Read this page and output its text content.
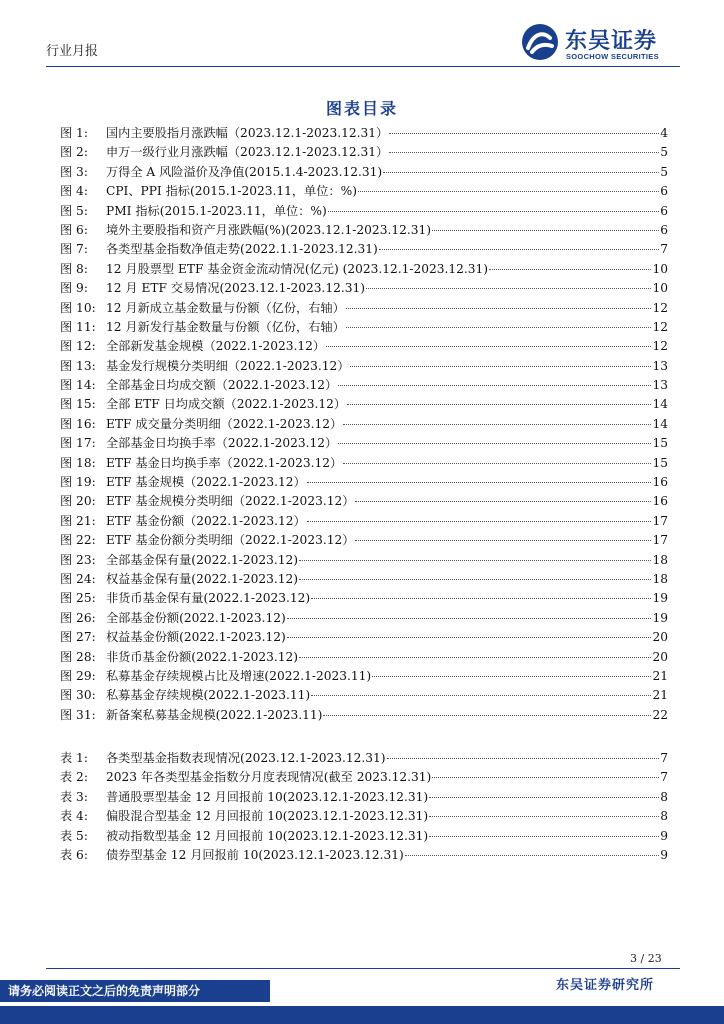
行业月报	东吴证券
SOOCHOW SECURITIES
图表目录
图 1:	国内主要股指月涨跌幅（2023.12.1-2023.12.31）	4
图 2:	申万一级行业月涨跌幅（2023.12.1-2023.12.31）	5
图 3:	万得全 A 风险溢价及净值(2015.1.4-2023.12.31)	5
图 4:	CPI、PPI 指标(2015.1-2023.11，单位：%)	6
图 5:	PMI 指标(2015.1-2023.11，单位：%)	6
图 6:	境外主要股指和资产月涨跌幅(%)(2023.12.1-2023.12.31)	6
图 7:	各类型基金指数净值走势(2022.1.1-2023.12.31)	7
图 8:	12 月股票型 ETF 基金资金流动情况(亿元) (2023.12.1-2023.12.31)	10
图 9:	12 月 ETF 交易情况(2023.12.1-2023.12.31)	10
图 10: 12 月新成立基金数量与份额（亿份，右轴）	12
图 11: 12 月新发行基金数量与份额（亿份，右轴）	12
图 12: 全部新发基金规模（2022.1-2023.12）	12
图 13: 基金发行规模分类明细（2022.1-2023.12）	13
图 14: 全部基金日均成交额（2022.1-2023.12）	13
图 15: 全部 ETF 日均成交额（2022.1-2023.12）	14
图 16: ETF 成交量分类明细（2022.1-2023.12）	14
图 17: 全部基金日均换手率（2022.1-2023.12）	15
图 18: ETF 基金日均换手率（2022.1-2023.12）	15
图 19: ETF 基金规模（2022.1-2023.12）	16
图 20: ETF 基金规模分类明细（2022.1-2023.12）	16
图 21: ETF 基金份额（2022.1-2023.12）	17
图 22: ETF 基金份额分类明细（2022.1-2023.12）	17
图 23: 全部基金保有量(2022.1-2023.12)	18
图 24: 权益基金保有量(2022.1-2023.12)	18
图 25: 非货币基金保有量(2022.1-2023.12)	19
图 26: 全部基金份额(2022.1-2023.12)	19
图 27: 权益基金份额(2022.1-2023.12)	20
图 28: 非货币基金份额(2022.1-2023.12)	20
图 29: 私募基金存续规模占比及增速(2022.1-2023.11)	21
图 30: 私募基金存续规模(2022.1-2023.11)	21
图 31: 新备案私募基金规模(2022.1-2023.11)	22
表 1:	各类型基金指数表现情况(2023.12.1-2023.12.31)	7
表 2:	2023 年各类型基金指数分月度表现情况(截至 2023.12.31)	7
表 3:	普通股票型基金 12 月回报前 10(2023.12.1-2023.12.31)	8
表 4:	偏股混合型基金 12 月回报前 10(2023.12.1-2023.12.31)	8
表 5:	被动指数型基金 12 月回报前 10(2023.12.1-2023.12.31)	9
表 6:	债券型基金 12 月回报前 10(2023.12.1-2023.12.31)	9
3 / 23
请务必阅读正文之后的免责声明部分	东吴证券研究所
